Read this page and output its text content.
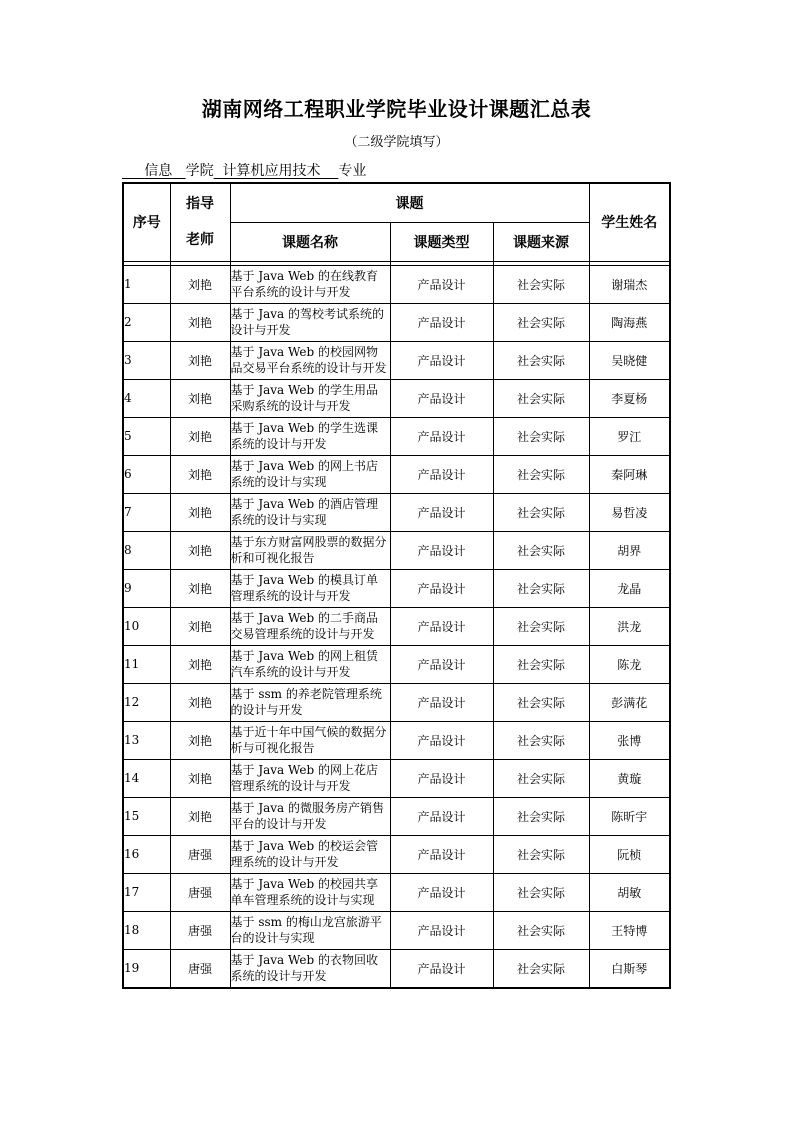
湖南网络工程职业学院毕业设计课题汇总表
（二级学院填写）
信息 学院 计算机应用技术 专业
序号	指导
老师	课题			学生姓名
		课题名称	课题类型	课题来源	

1	刘艳	基于 Java Web 的在线教育平台系统的设计与开发	产品设计	社会实际	谢瑞杰
2	刘艳	基于 Java 的驾校考试系统的设计与开发	产品设计	社会实际	陶海燕
3	刘艳	基于 Java Web 的校园网物品交易平台系统的设计与开发	产品设计	社会实际	吴晓健
4	刘艳	基于 Java Web 的学生用品采购系统的设计与开发	产品设计	社会实际	李夏杨
5	刘艳	基于 Java Web 的学生选课系统的设计与开发	产品设计	社会实际	罗江
6	刘艳	基于 Java Web 的网上书店系统的设计与实现	产品设计	社会实际	秦阿琳
7	刘艳	基于 Java Web 的酒店管理系统的设计与实现	产品设计	社会实际	易哲凌
8	刘艳	基于东方财富网股票的数据分析和可视化报告	产品设计	社会实际	胡界
9	刘艳	基于 Java Web 的模具订单管理系统的设计与开发	产品设计	社会实际	龙晶
10	刘艳	基于 Java Web 的二手商品交易管理系统的设计与开发	产品设计	社会实际	洪龙
11	刘艳	基于 Java Web 的网上租赁汽车系统的设计与开发	产品设计	社会实际	陈龙
12	刘艳	基于 ssm 的养老院管理系统的设计与开发	产品设计	社会实际	彭满花
13	刘艳	基于近十年中国气候的数据分析与可视化报告	产品设计	社会实际	张博
14	刘艳	基于 Java Web 的网上花店管理系统的设计与开发	产品设计	社会实际	黄璇
15	刘艳	基于 Java 的微服务房产销售平台的设计与开发	产品设计	社会实际	陈昕宇
16	唐强	基于 Java Web 的校运会管理系统的设计与开发	产品设计	社会实际	阮桢
17	唐强	基于 Java Web 的校园共享单车管理系统的设计与实现	产品设计	社会实际	胡敏
18	唐强	基于 ssm 的梅山龙宫旅游平台的设计与实现	产品设计	社会实际	王特博
19	唐强	基于 Java Web 的衣物回收系统的设计与开发	产品设计	社会实际	白斯琴
